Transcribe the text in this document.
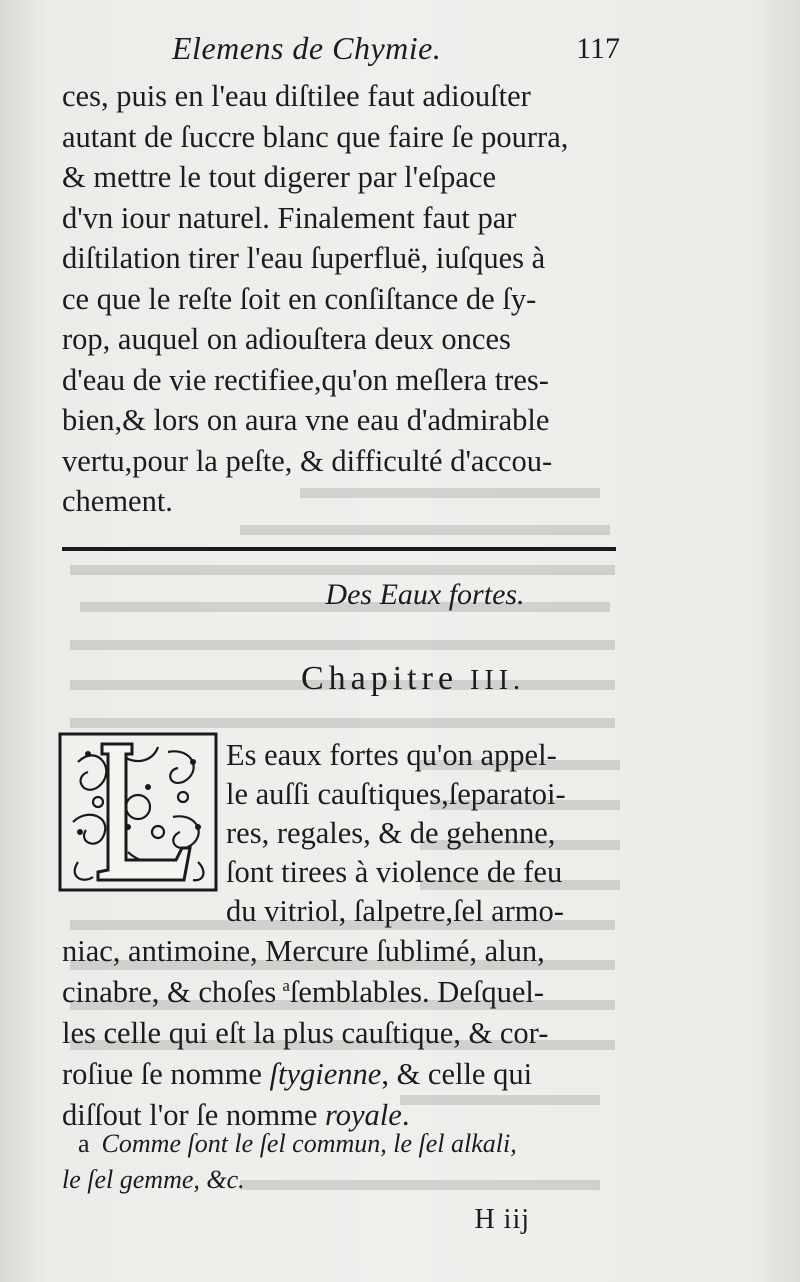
Elemens de Chymie.	117
ces, puis en l'eau diſtilee faut adiouſter
autant de ſuccre blanc que faire ſe pourra,
& mettre le tout digerer par l'eſpace
d'vn iour naturel. Finalement faut par
diſtilation tirer l'eau ſuperfluë, iuſques à
ce que le reſte ſoit en conſiſtance de ſy-
rop, auquel on adiouſtera deux onces
d'eau de vie rectifiee,qu'on meſlera tres-
bien,& lors on aura vne eau d'admirable
vertu,pour la peſte, & difficulté d'accou-
chement.
Des Eaux fortes.
Chapitre III.
Es eaux fortes qu'on appel-
le auſſi cauſtiques,ſeparatoi-
res, regales, & de gehenne,
ſont tirees à violence de feu
du vitriol, ſalpetre,ſel armo-
niac, antimoine, Mercure ſublimé, alun,
cinabre, & choſes  aſemblables. Deſquel-
les celle qui eſt la plus cauſtique, & cor-
roſiue ſe nomme ſtygienne, & celle qui
diſſout l'or ſe nomme royale.
a Comme ſont le ſel commun, le ſel alkali,
le ſel gemme, &c.
H iij
